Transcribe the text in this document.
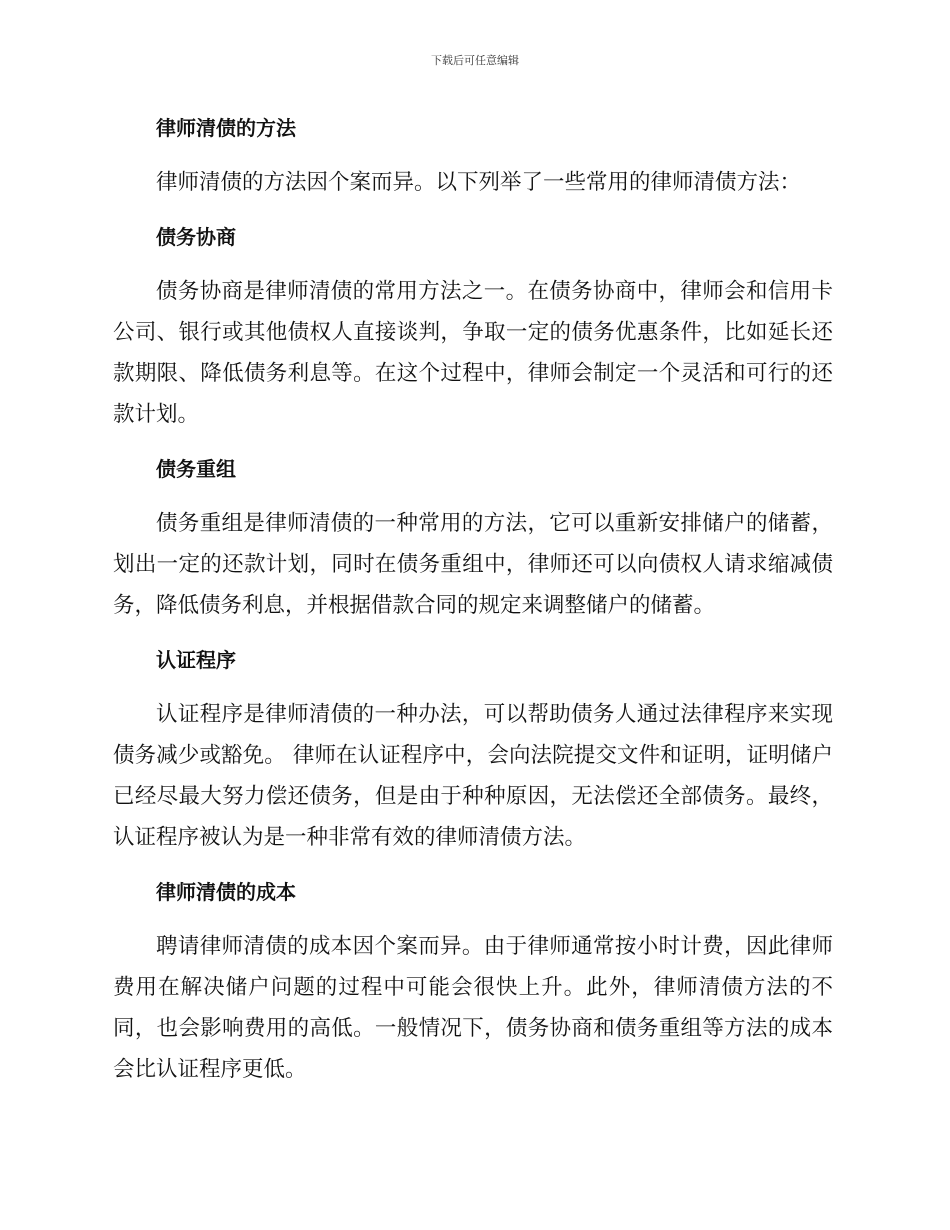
下载后可任意编辑
律师清债的方法

律师清债的方法因个案而异。以下列举了一些常用的律师清债方法：

债务协商

债务协商是律师清债的常用方法之一。在债务协商中，律师会和信用卡公司、银行或其他债权人直接谈判，争取一定的债务优惠条件，比如延长还款期限、降低债务利息等。在这个过程中，律师会制定一个灵活和可行的还款计划。

债务重组

债务重组是律师清债的一种常用的方法，它可以重新安排储户的储蓄，划出一定的还款计划，同时在债务重组中，律师还可以向债权人请求缩减债务，降低债务利息，并根据借款合同的规定来调整储户的储蓄。

认证程序

认证程序是律师清债的一种办法，可以帮助债务人通过法律程序来实现债务减少或豁免。 律师在认证程序中，会向法院提交文件和证明，证明储户已经尽最大努力偿还债务，但是由于种种原因，无法偿还全部债务。最终，认证程序被认为是一种非常有效的律师清债方法。

律师清债的成本

聘请律师清债的成本因个案而异。由于律师通常按小时计费，因此律师费用在解决储户问题的过程中可能会很快上升。此外，律师清债方法的不同，也会影响费用的高低。一般情况下，债务协商和债务重组等方法的成本会比认证程序更低。
